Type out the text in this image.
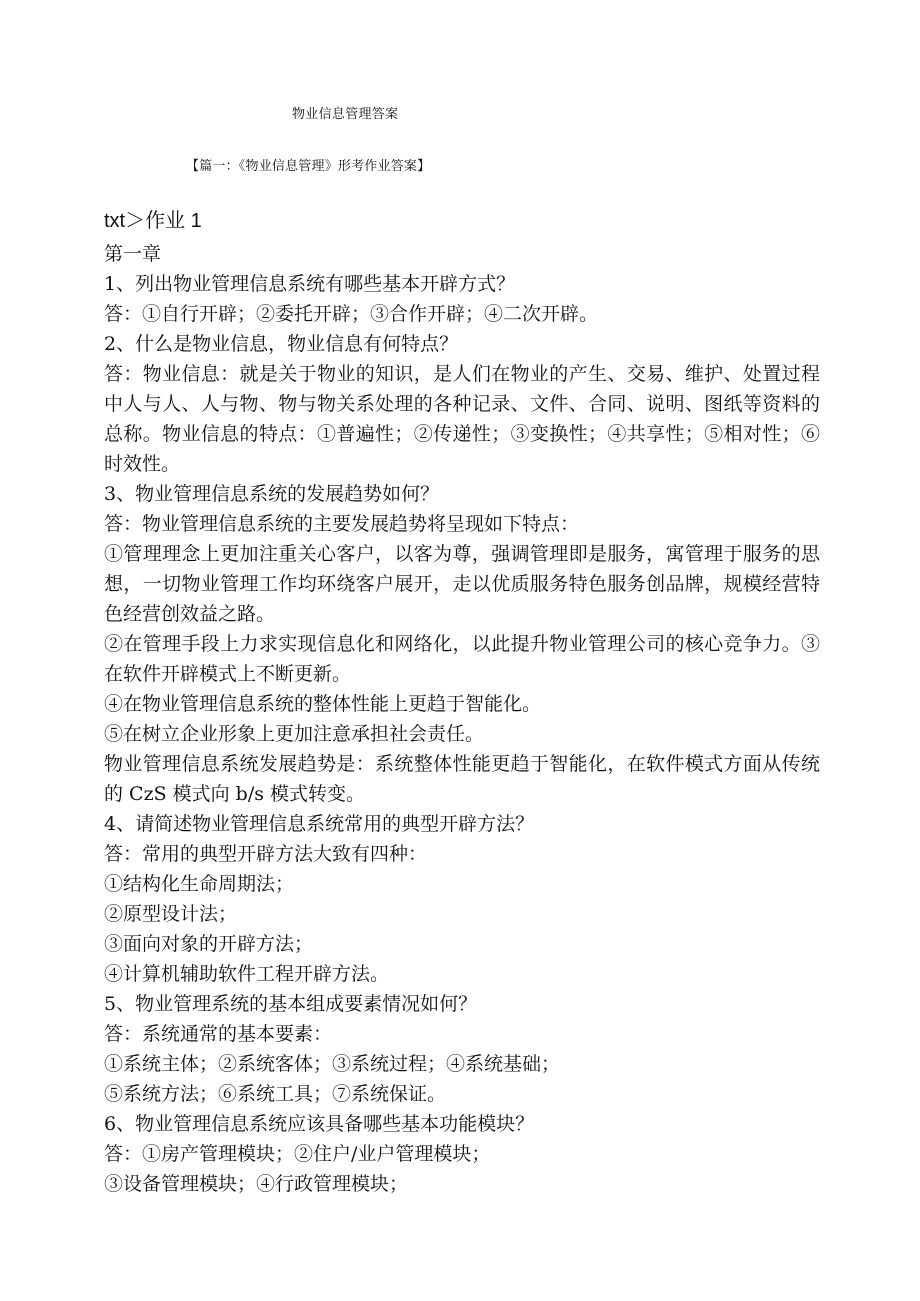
物业信息管理答案
【篇一：《物业信息管理》形考作业答案】

txt＞作业 1

第一章

1、列出物业管理信息系统有哪些基本开辟方式？

答：①自行开辟；②委托开辟；③合作开辟；④二次开辟。

2、什么是物业信息，物业信息有何特点？

答：物业信息：就是关于物业的知识，是人们在物业的产生、交易、维护、处置过程中人与人、人与物、物与物关系处理的各种记录、文件、合同、说明、图纸等资料的总称。物业信息的特点：①普遍性；②传递性；③变换性；④共享性；⑤相对性；⑥时效性。

3、物业管理信息系统的发展趋势如何？

答：物业管理信息系统的主要发展趋势将呈现如下特点：

①管理理念上更加注重关心客户，以客为尊，强调管理即是服务，寓管理于服务的思想，一切物业管理工作均环绕客户展开，走以优质服务特色服务创品牌，规模经营特色经营创效益之路。

②在管理手段上力求实现信息化和网络化，以此提升物业管理公司的核心竞争力。③在软件开辟模式上不断更新。

④在物业管理信息系统的整体性能上更趋于智能化。

⑤在树立企业形象上更加注意承担社会责任。

物业管理信息系统发展趋势是：系统整体性能更趋于智能化，在软件模式方面从传统的 CzS 模式向 b/s 模式转变。

4、请简述物业管理信息系统常用的典型开辟方法？

答：常用的典型开辟方法大致有四种：

①结构化生命周期法；

②原型设计法；

③面向对象的开辟方法；

④计算机辅助软件工程开辟方法。

5、物业管理系统的基本组成要素情况如何？

答：系统通常的基本要素：

①系统主体；②系统客体；③系统过程；④系统基础；

⑤系统方法；⑥系统工具；⑦系统保证。

6、物业管理信息系统应该具备哪些基本功能模块？

答：①房产管理模块；②住户/业户管理模块；

③设备管理模块；④行政管理模块；
